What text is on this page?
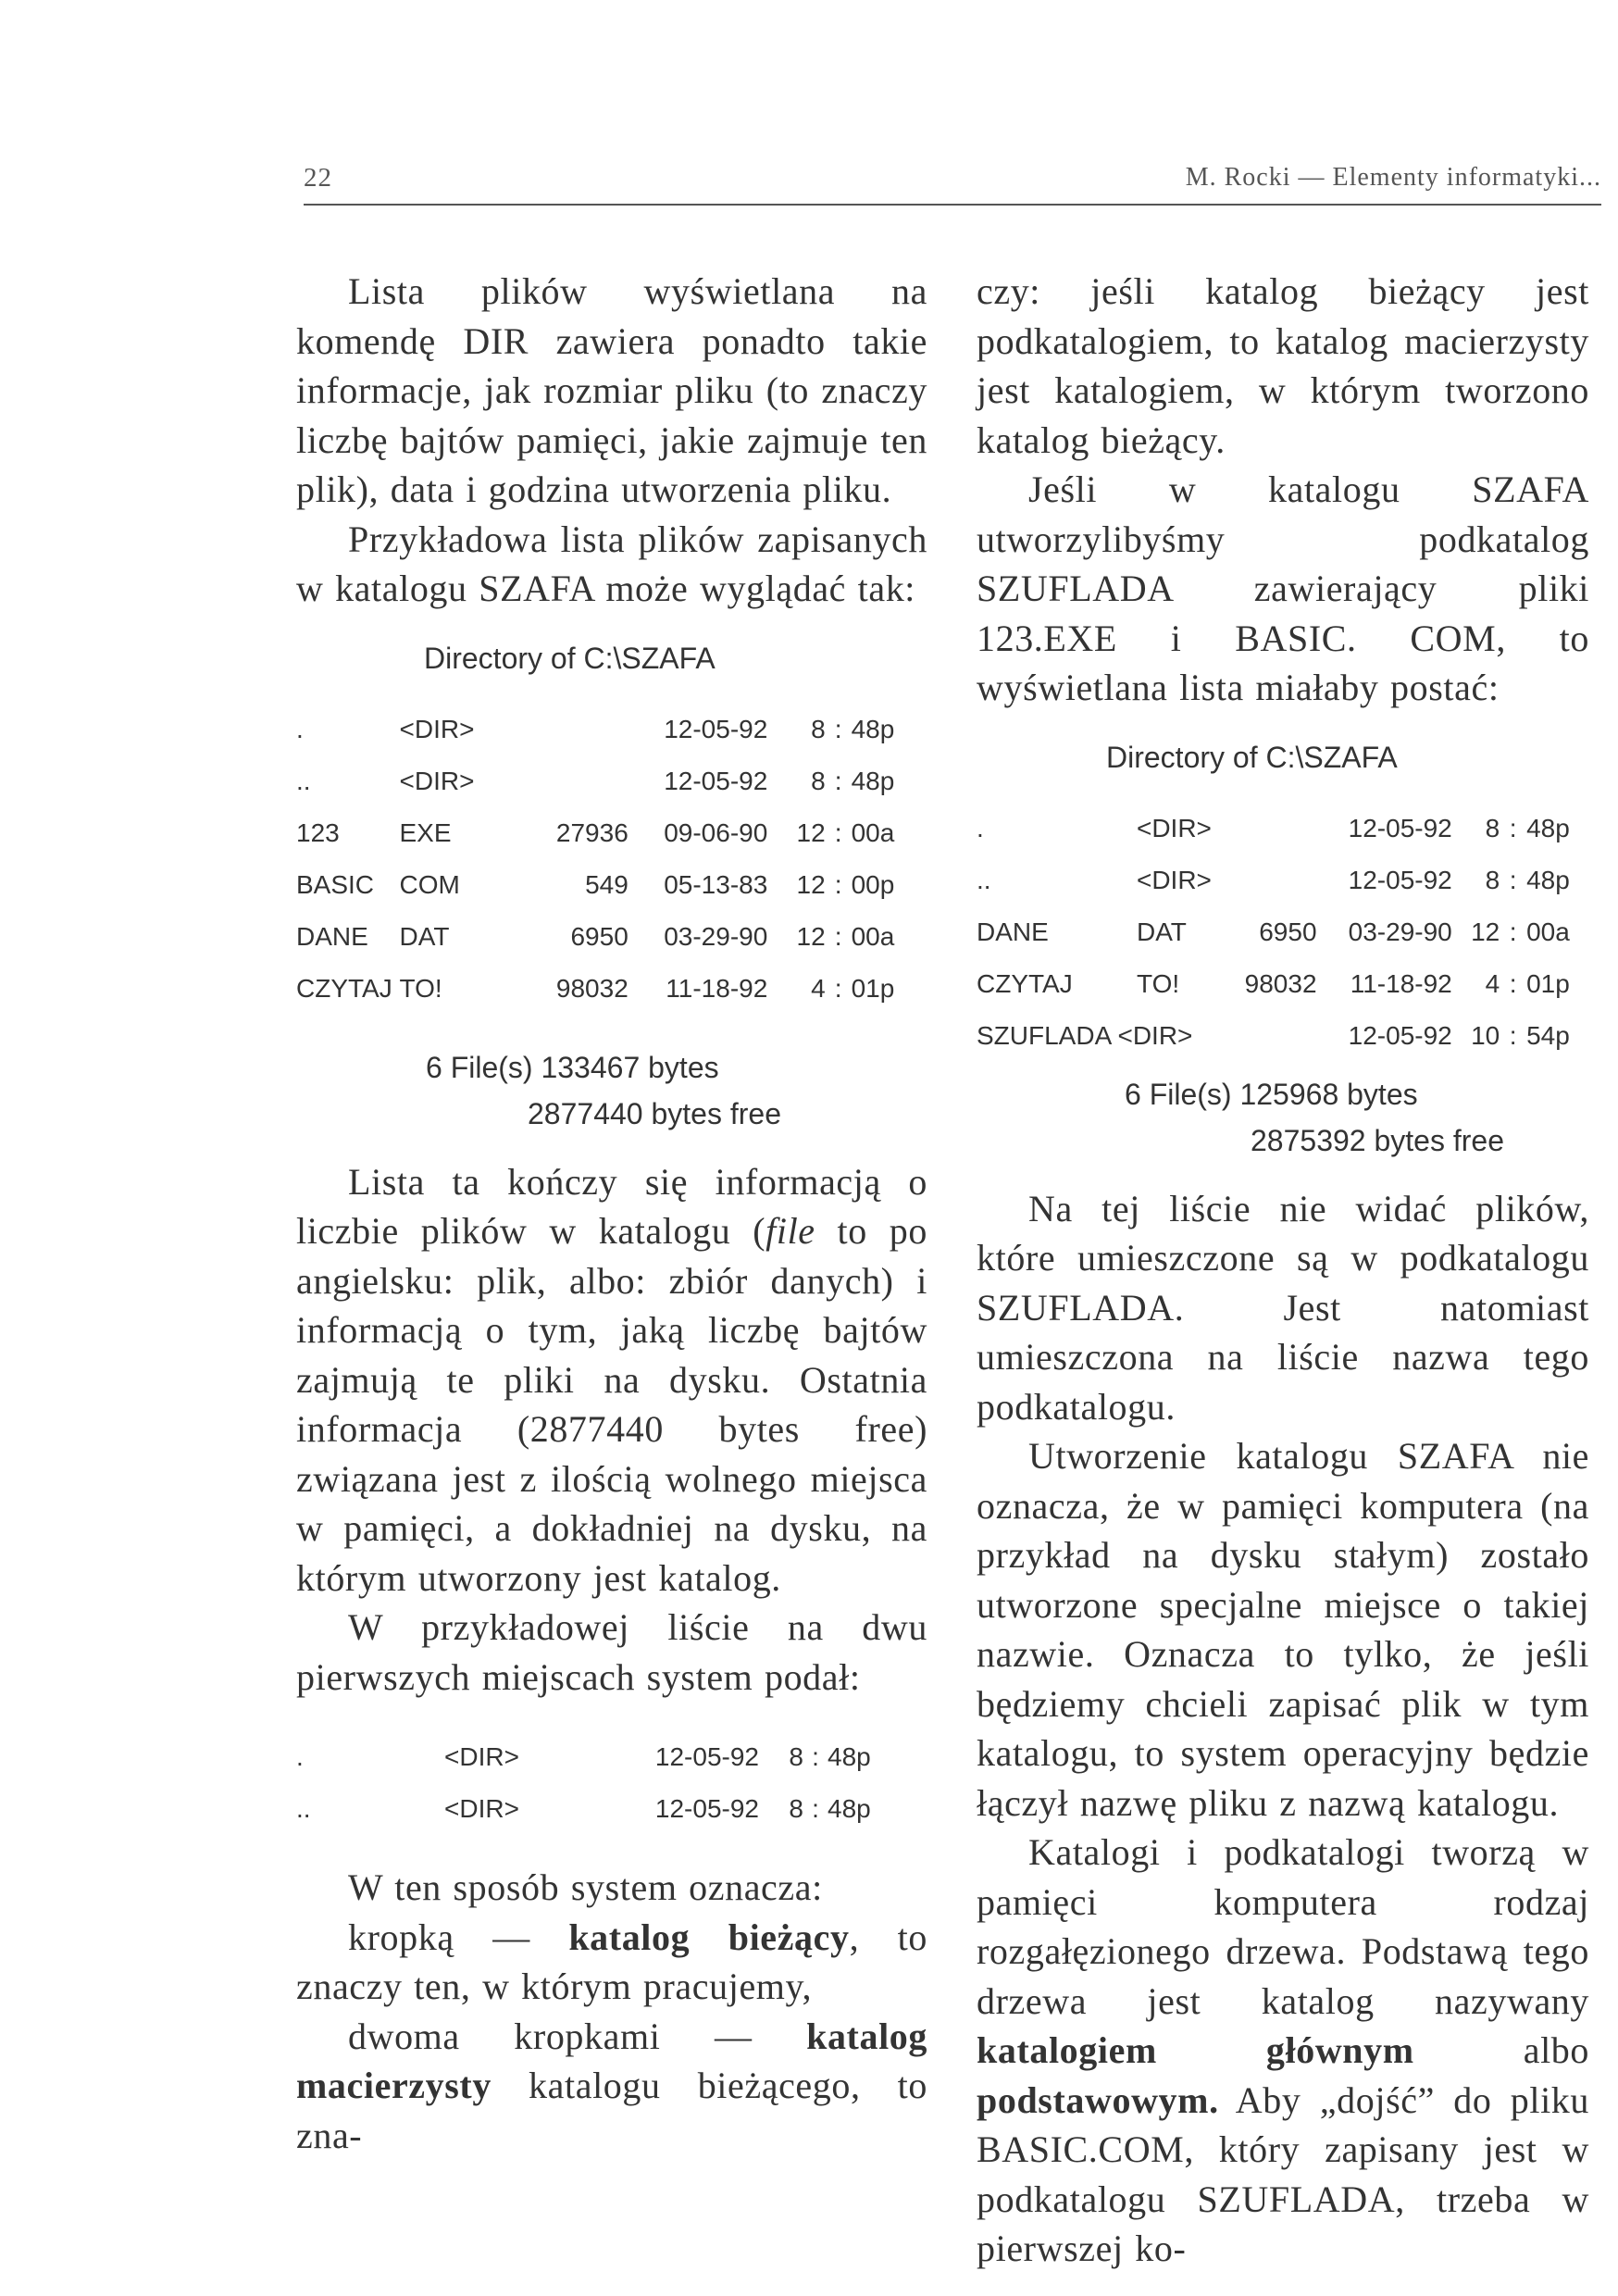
22	M. Rocki — Elementy informatyki...

Lista plików wyświetlana na komendę DIR zawiera ponadto takie informacje, jak rozmiar pliku (to znaczy liczbę bajtów pamięci, jakie zajmuje ten plik), data i godzina utworzenia pliku.

Przykładowa lista plików zapisanych w katalogu SZAFA może wyglądać tak:

Directory of C:\SZAFA
.	<DIR>		12-05-92	8	:	48p
..	<DIR>		12-05-92	8	:	48p
123	EXE	27936	09-06-90	12	:	00a
BASIC	COM	549	05-13-83	12	:	00p
DANE	DAT	6950	03-29-90	12	:	00a
CZYTAJ	TO!	98032	11-18-92	4	:	01p
6 File(s) 133467 bytes
2877440 bytes free

Lista ta kończy się informacją o liczbie plików w katalogu (file to po angielsku: plik, albo: zbiór danych) i informacją o tym, jaką liczbę bajtów zajmują te pliki na dysku. Ostatnia informacja (2877440 bytes free) związana jest z ilością wolnego miejsca w pamięci, a dokładniej na dysku, na którym utworzony jest katalog.

W przykładowej liście na dwu pierwszych miejscach system podał:

.	<DIR>	12-05-92	8	:	48p
..	<DIR>	12-05-92	8	:	48p

W ten sposób system oznacza:

kropką — katalog bieżący, to znaczy ten, w którym pracujemy,

dwoma kropkami — katalog macierzysty katalogu bieżącego, to zna-

czy: jeśli katalog bieżący jest podkatalogiem, to katalog macierzysty jest katalogiem, w którym tworzono katalog bieżący.

Jeśli w katalogu SZAFA utworzylibyśmy podkatalog SZUFLADA zawierający pliki 123.EXE i BASIC. COM, to wyświetlana lista miałaby postać:

Directory of C:\SZAFA
.	<DIR>		12-05-92	8	:	48p
..	<DIR>		12-05-92	8	:	48p
DANE	DAT	6950	03-29-90	12	:	00a
CZYTAJ	TO!	98032	11-18-92	4	:	01p
SZUFLADA <DIR>			12-05-92	10	:	54p
6 File(s) 125968 bytes
2875392 bytes free

Na tej liście nie widać plików, które umieszczone są w podkatalogu SZUFLADA. Jest natomiast umieszczona na liście nazwa tego podkatalogu.

Utworzenie katalogu SZAFA nie oznacza, że w pamięci komputera (na przykład na dysku stałym) zostało utworzone specjalne miejsce o takiej nazwie. Oznacza to tylko, że jeśli będziemy chcieli zapisać plik w tym katalogu, to system operacyjny będzie łączył nazwę pliku z nazwą katalogu.

Katalogi i podkatalogi tworzą w pamięci komputera rodzaj rozgałęzionego drzewa. Podstawą tego drzewa jest katalog nazywany katalogiem głównym albo podstawowym. Aby „dojść” do pliku BASIC.COM, który zapisany jest w podkatalogu SZUFLADA, trzeba w pierwszej ko-
